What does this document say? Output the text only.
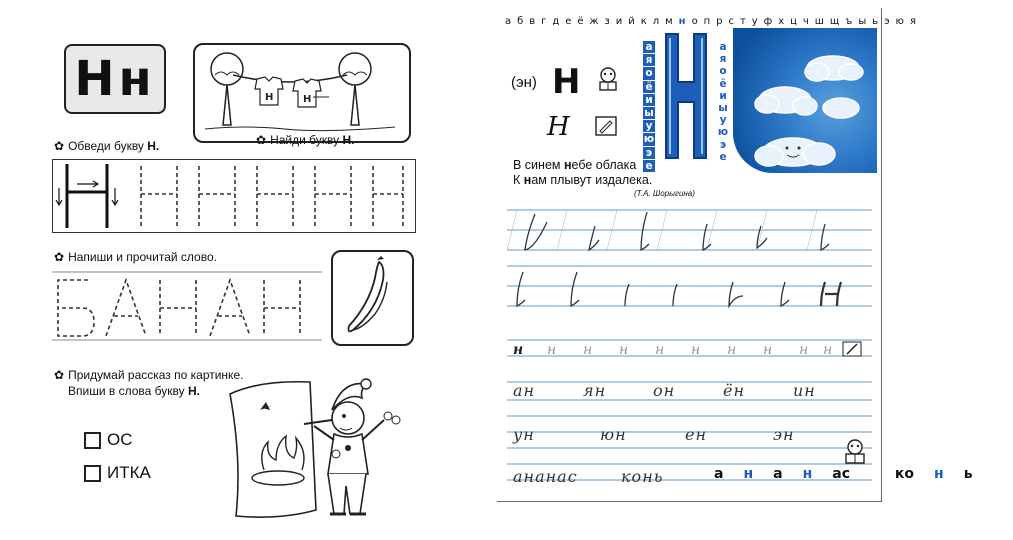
Нн	Н	Н
✿ Найди букву Н.
✿ Обведи букву Н.
✿ Напиши и прочитай слово.
✿ Придумай рассказ по картинке.
Впиши в слова букву Н.
ОС
ИТКА
а б в г д е ё ж з и й к л м н о п р с т у ф х ц ч ш щ ъ ы ь э ю я
(эн) Н
Н
а
я
о
ё
и
ы
у
ю
э
е
а
я
о
ё
и
ы
у
ю
э
е
В синем небе облака
К нам плывут издалека.
(Т.А. Шорыгина)
н н н н н н н н н н
ан	ян	он	ён	ин
ун	юн	ен	эн
ананас	конь	а н а н ас	ко н ь
